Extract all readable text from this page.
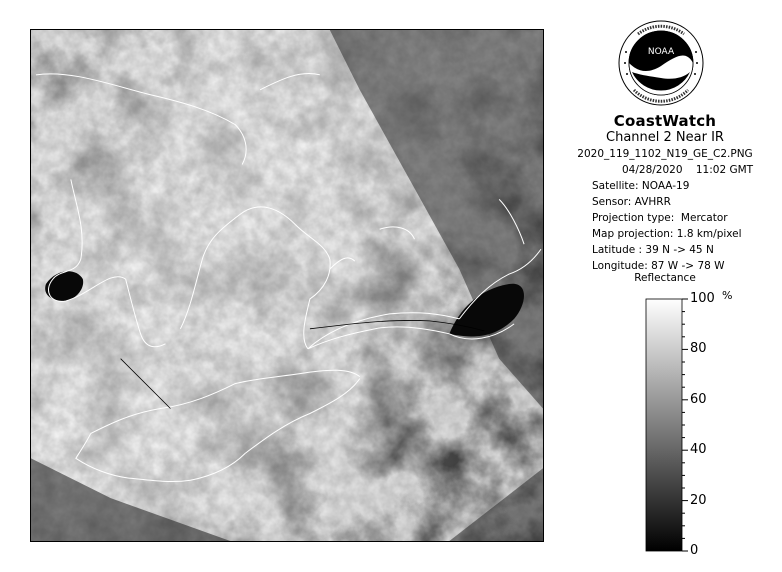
NOAA
CoastWatch
Channel 2 Near IR
2020_119_1102_N19_GE_C2.PNG
04/28/2020    11:02 GMT
Satellite: NOAA-19
Sensor: AVHRR
Projection type:  Mercator
Map projection: 1.8 km/pixel
Latitude : 39 N -> 45 N
Longitude: 87 W -> 78 W
Reflectance
100
80
60
40
20
0
%
